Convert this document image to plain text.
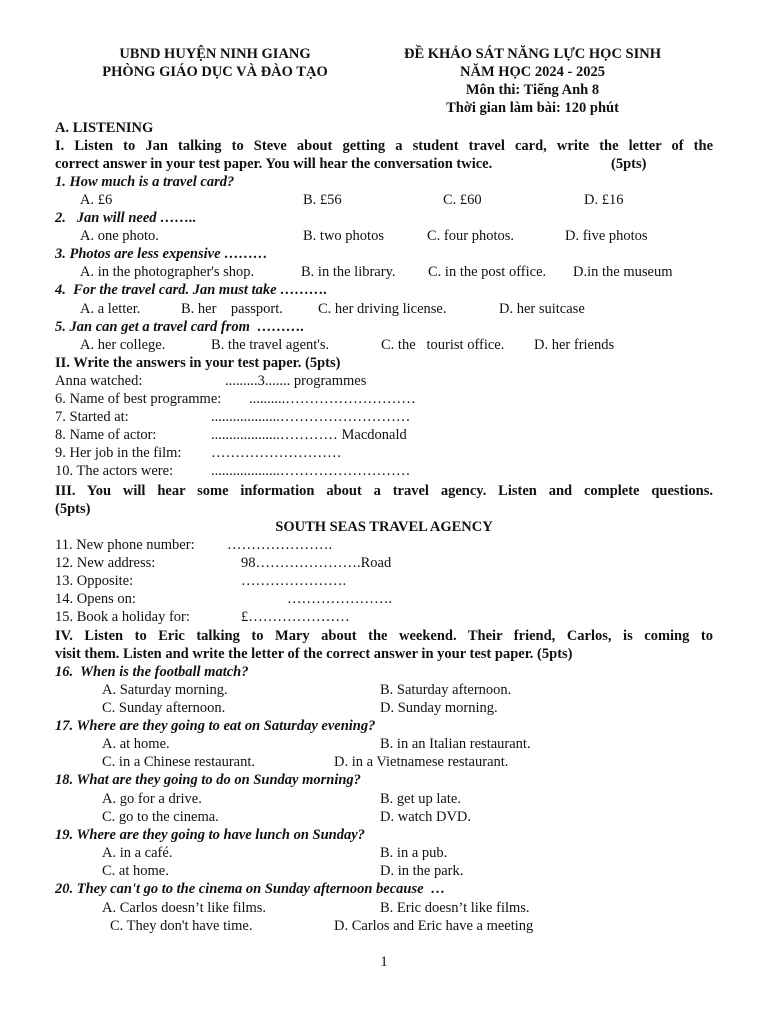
UBND HUYỆN NINH GIANG
PHÒNG GIÁO DỤC VÀ ĐÀO TẠO
ĐỀ KHẢO SÁT NĂNG LỰC HỌC SINH
NĂM HỌC 2024 - 2025
Môn thi: Tiếng Anh 8
Thời gian làm bài: 120 phút
A. LISTENING
I. Listen to Jan talking to Steve about getting a student travel card, write the letter of the
correct answer in your test paper. You will hear the conversation twice.	(5pts)
1. How much is a travel card?
A. £6	B. £56	C. £60	D. £16
2.   Jan will need ……..
A. one photo.	B. two photos	C. four photos.	D. five photos
3. Photos are less expensive ………
A. in the photographer's shop.	B. in the library. C. in the post office. D.in the museum
4.  For the travel card. Jan must take ……….
A. a letter.	B. her    passport. C. her driving license.	D. her suitcase
5. Jan can get a travel card from  ……….
A. her college.	B. the travel agent's.	C. the   tourist office. D. her friends
II. Write the answers in your test paper. (5pts)
Anna watched:	.........3....... programmes
6. Name of best programme: ..........………………………
7. Started at:	...................………………………
8. Name of actor:	...................………… Macdonald
9. Her job in the film: ………………………
10. The actors were:	...................………………………
III. You will hear some information about a travel agency. Listen and complete questions.
(5pts)
SOUTH SEAS TRAVEL AGENCY
11. New phone number: ………………….
12. New address:	98………………….Road
13. Opposite:	………………….
14. Opens on:	………………….
15. Book a holiday for:	£…………………
IV. Listen to Eric talking to Mary about the weekend. Their friend, Carlos, is coming to
visit them. Listen and write the letter of the correct answer in your test paper. (5pts)
16.  When is the football match?
A. Saturday morning.	B. Saturday afternoon.
C. Sunday afternoon.	D. Sunday morning.
17. Where are they going to eat on Saturday evening?
A. at home.	B. in an Italian restaurant.
C. in a Chinese restaurant.	D. in a Vietnamese restaurant.
18. What are they going to do on Sunday morning?
A. go for a drive.	B. get up late.
C. go to the cinema.	D. watch DVD.
19. Where are they going to have lunch on Sunday?
A. in a café.	B. in a pub.
C. at home.	D. in the park.
20. They can't go to the cinema on Sunday afternoon because  …
A. Carlos doesn’t like films.	B. Eric doesn’t like films.
C. They don't have time.	D. Carlos and Eric have a meeting
1
